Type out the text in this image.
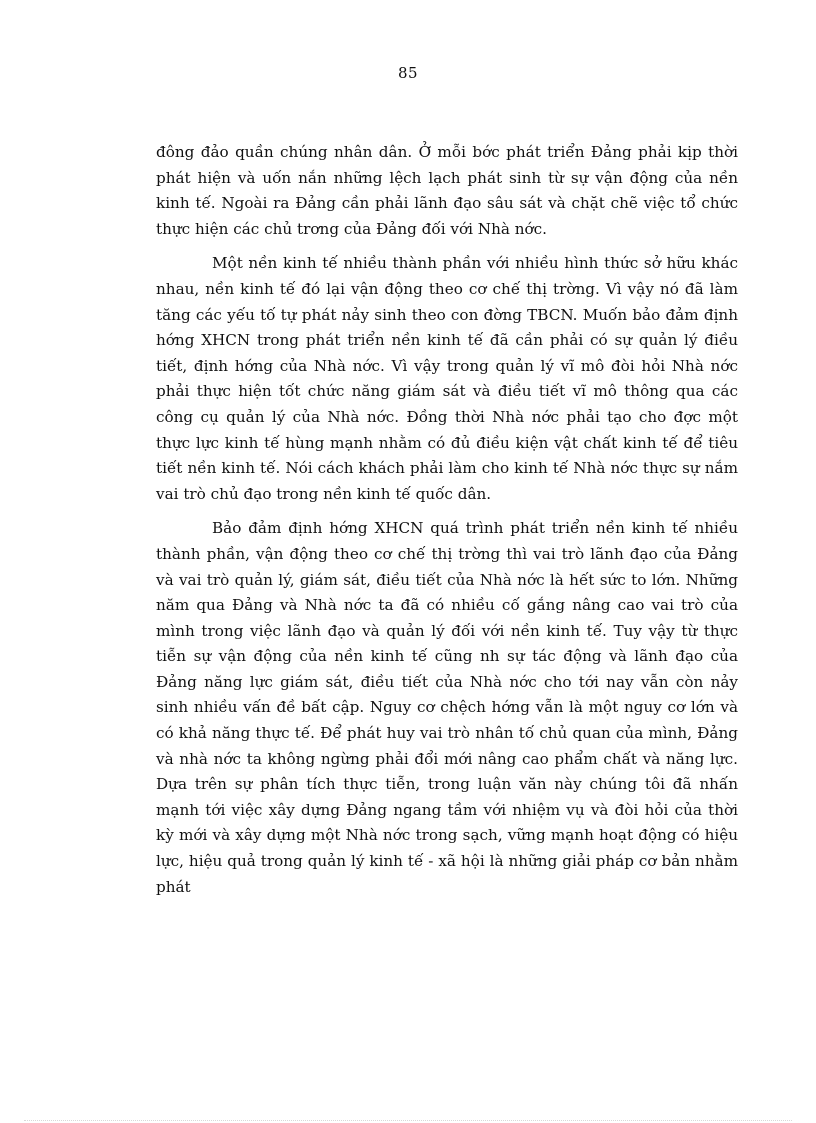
85

đông đảo quần chúng nhân dân. Ở mỗi bớc phát triển Đảng phải kịp thời phát hiện và uốn nắn những lệch lạch phát sinh từ sự vận động của nền kinh tế. Ngoài ra Đảng cần phải lãnh đạo sâu sát và chặt chẽ việc tổ chức thực hiện các chủ trơng của Đảng đối với Nhà nớc.

Một nền kinh tế nhiều thành phần với nhiều hình thức sở hữu khác nhau, nền kinh tế đó lại vận động theo cơ chế thị trờng. Vì vậy nó đã làm tăng các yếu tố tự phát nảy sinh theo con đờng TBCN. Muốn bảo đảm định hớng XHCN trong phát triển nền kinh tế đã cần phải có sự quản lý điều tiết, định hớng của Nhà nớc. Vì vậy trong quản lý vĩ mô đòi hỏi Nhà nớc phải thực hiện tốt chức năng giám sát và điều tiết vĩ mô thông qua các công cụ quản lý của Nhà nớc. Đồng thời Nhà nớc phải tạo cho đợc một thực lực kinh tế hùng mạnh nhằm có đủ điều kiện vật chất kinh tế để tiêu tiết nền kinh tế. Nói cách khách phải làm cho kinh tế Nhà nớc thực sự nắm vai trò chủ đạo trong nền kinh tế quốc dân.

Bảo đảm định hớng XHCN quá trình phát triển nền kinh tế nhiều thành phần, vận động theo cơ chế thị trờng thì vai trò lãnh đạo của Đảng và vai trò quản lý, giám sát, điều tiết của Nhà nớc là hết sức to lớn. Những năm qua Đảng và Nhà nớc ta đã có nhiều cố gắng nâng cao vai trò của mình trong việc lãnh đạo và quản lý đối với nền kinh tế. Tuy vậy từ thực tiễn sự vận động của nền kinh tế cũng nh sự tác động và lãnh đạo của Đảng năng lực giám sát, điều tiết của Nhà nớc cho tới nay vẫn còn nảy sinh nhiều vấn đề bất cập. Nguy cơ chệch hớng vẫn là một nguy cơ lớn và có khả năng thực tế. Để phát huy vai trò nhân tố chủ quan của mình, Đảng và nhà nớc ta không ngừng phải đổi mới nâng cao phẩm chất và năng lực. Dựa trên sự phân tích thực tiễn, trong luận văn này chúng tôi đã nhấn mạnh tới việc xây dựng Đảng ngang tầm với nhiệm vụ và đòi hỏi của thời kỳ mới và xây dựng một Nhà nớc trong sạch, vững mạnh hoạt động có hiệu lực, hiệu quả trong quản lý kinh tế - xã hội là những giải pháp cơ bản nhằm phát
